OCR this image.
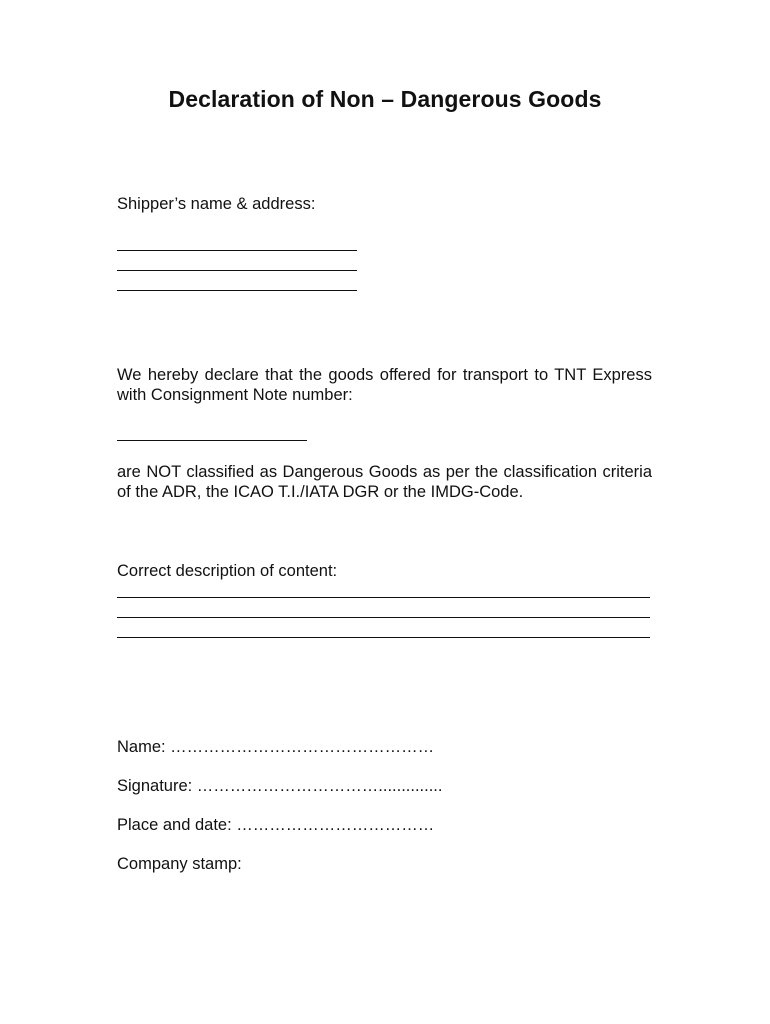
Declaration of Non – Dangerous Goods
Shipper’s name & address:
We hereby declare that the goods offered for transport to TNT Express with Consignment Note number:
are NOT classified as Dangerous Goods as per the classification criteria of the ADR, the ICAO T.I./IATA DGR or the IMDG-Code.
Correct description of content:
Name: …………………………………………
Signature: ……………………………..............
Place and date: ………………………………
Company stamp:
